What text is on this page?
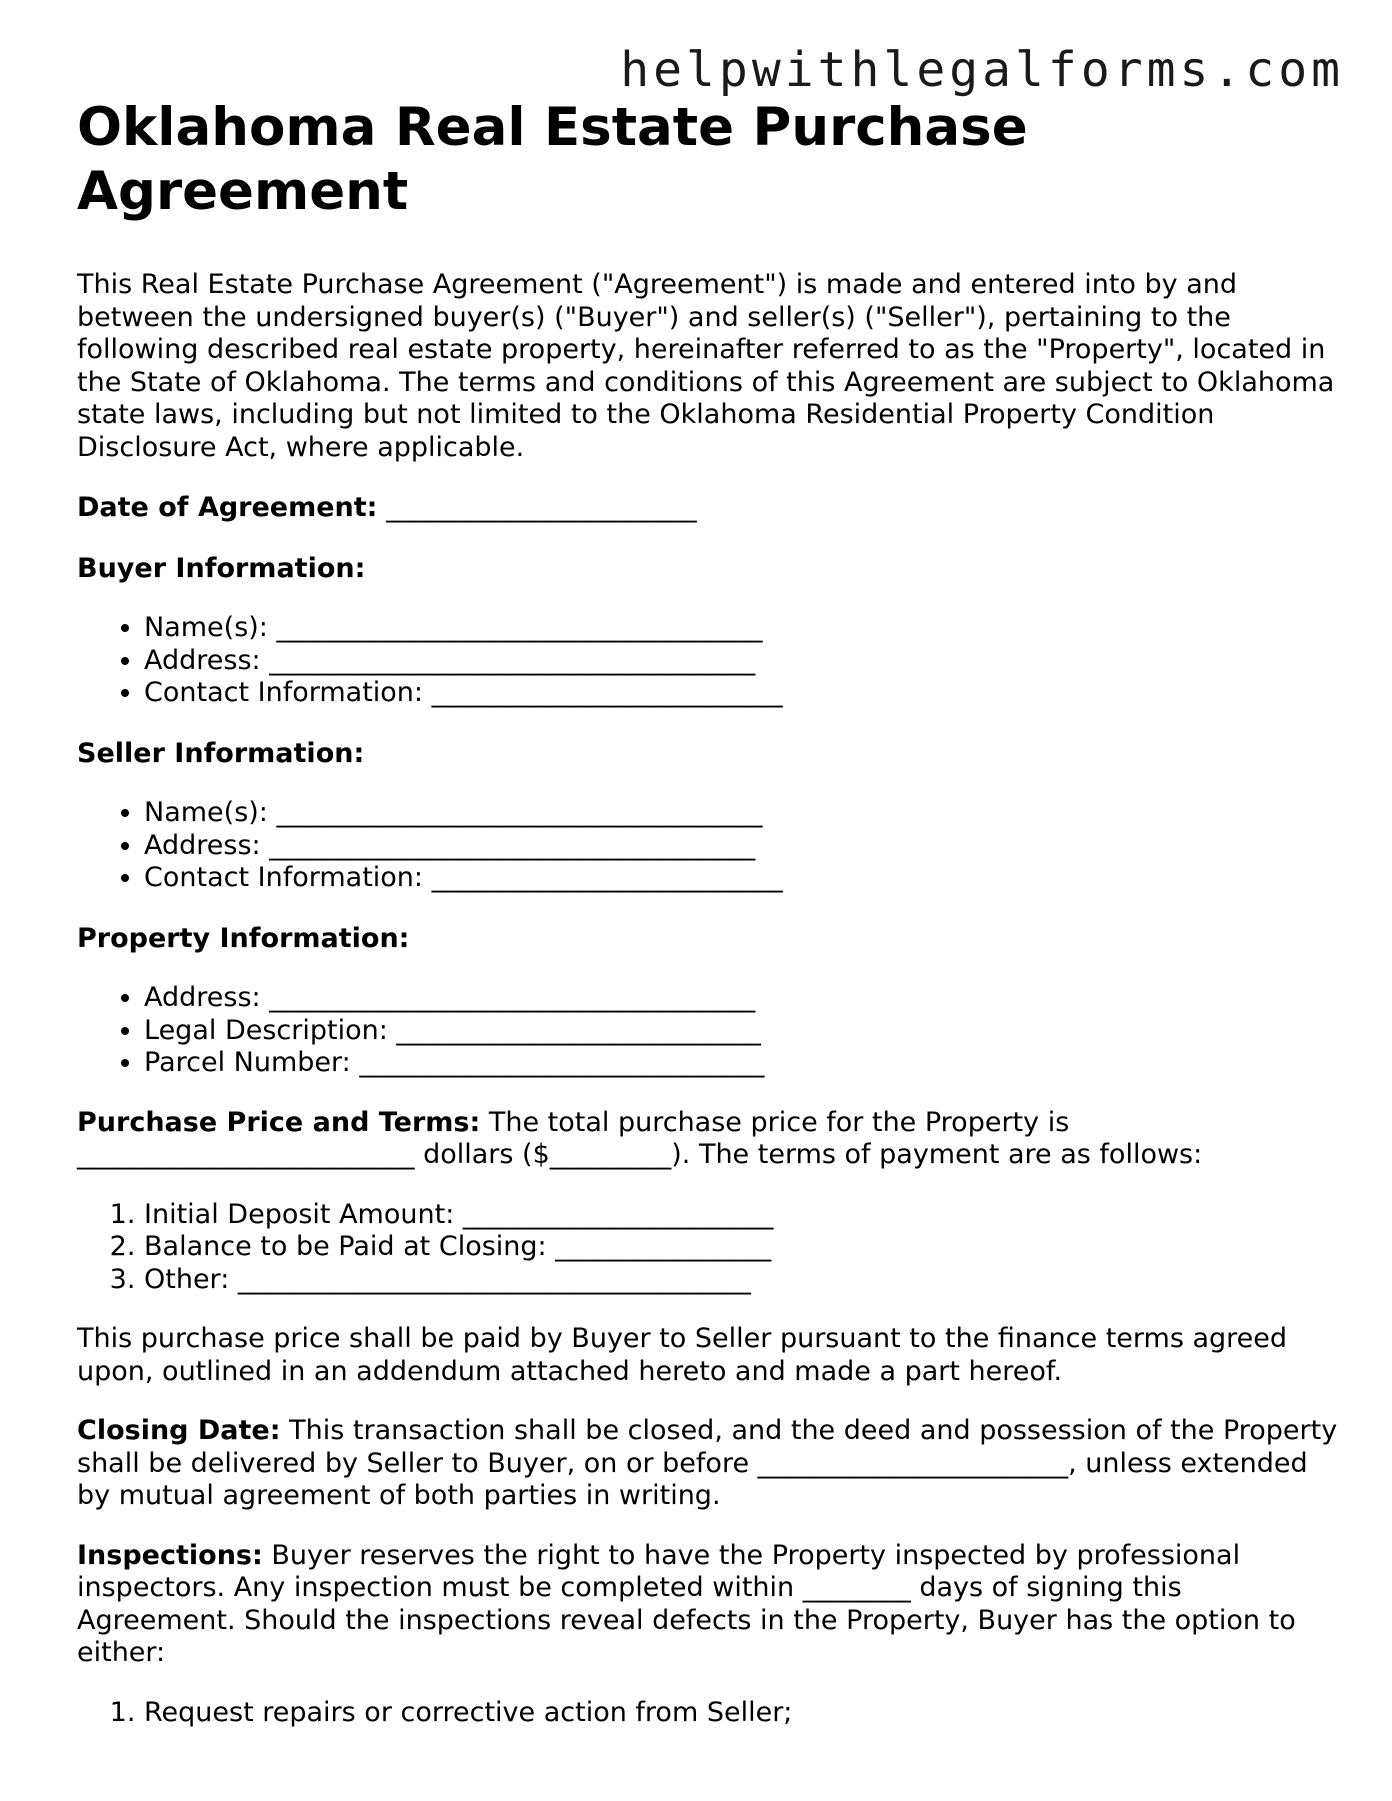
helpwithlegalforms.com
Oklahoma Real Estate Purchase Agreement

This Real Estate Purchase Agreement ("Agreement") is made and entered into by and between the undersigned buyer(s) ("Buyer") and seller(s) ("Seller"), pertaining to the following described real estate property, hereinafter referred to as the "Property", located in the State of Oklahoma. The terms and conditions of this Agreement are subject to Oklahoma state laws, including but not limited to the Oklahoma Residential Property Condition Disclosure Act, where applicable.

Date of Agreement: _______________________

Buyer Information:

• Name(s): ____________________________________
• Address: ____________________________________
• Contact Information: __________________________

Seller Information:

• Name(s): ____________________________________
• Address: ____________________________________
• Contact Information: __________________________

Property Information:

• Address: ____________________________________
• Legal Description: ___________________________
• Parcel Number: ______________________________

Purchase Price and Terms: The total purchase price for the Property is _________________________ dollars ($_________). The terms of payment are as follows:

1. Initial Deposit Amount: _______________________
2. Balance to be Paid at Closing: ________________
3. Other: ______________________________________

This purchase price shall be paid by Buyer to Seller pursuant to the finance terms agreed upon, outlined in an addendum attached hereto and made a part hereof.

Closing Date: This transaction shall be closed, and the deed and possession of the Property shall be delivered by Seller to Buyer, on or before _______________________, unless extended by mutual agreement of both parties in writing.

Inspections: Buyer reserves the right to have the Property inspected by professional inspectors. Any inspection must be completed within ________ days of signing this Agreement. Should the inspections reveal defects in the Property, Buyer has the option to either:

1. Request repairs or corrective action from Seller;
